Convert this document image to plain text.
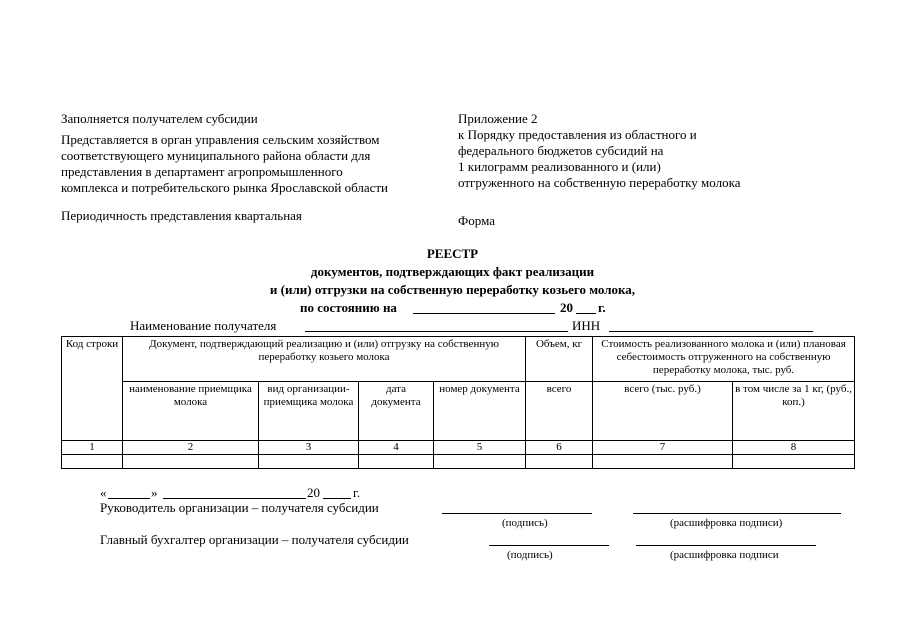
Заполняется получателем субсидии
Представляется в орган управления сельским хозяйством
соответствующего муниципального района области для
представления в департамент агропромышленного
комплекса и потребительского рынка Ярославской области
Периодичность представления квартальная
Приложение 2
к Порядку предоставления из областного и
федерального бюджетов субсидий на
1 килограмм реализованного и (или)
отгруженного на собственную переработку молока
Форма
РЕЕСТР
документов, подтверждающих факт реализации
и (или) отгрузки на собственную переработку козьего молока,
по состоянию на	20 г.
Наименование получателя	ИНН
Код строки	Документ, подтверждающий реализацию и (или) отгрузку на собственную переработку козьего молока				Объем, кг	Стоимость реализованного молока и (или) плановая себестоимость отгруженного на собственную переработку молока, тыс. руб.	
	наименование приемщика молока	вид организации-приемщика молока	дата документа	номер документа	всего	всего (тыс. руб.)	в том числе за 1 кг, (руб., коп.)
1	2	3	4	5	6	7	8

«	»	20	г.
Руководитель организации – получателя субсидии
(подпись)	(расшифровка подписи)
Главный бухгалтер организации – получателя субсидии
(подпись)	(расшифровка подписи
